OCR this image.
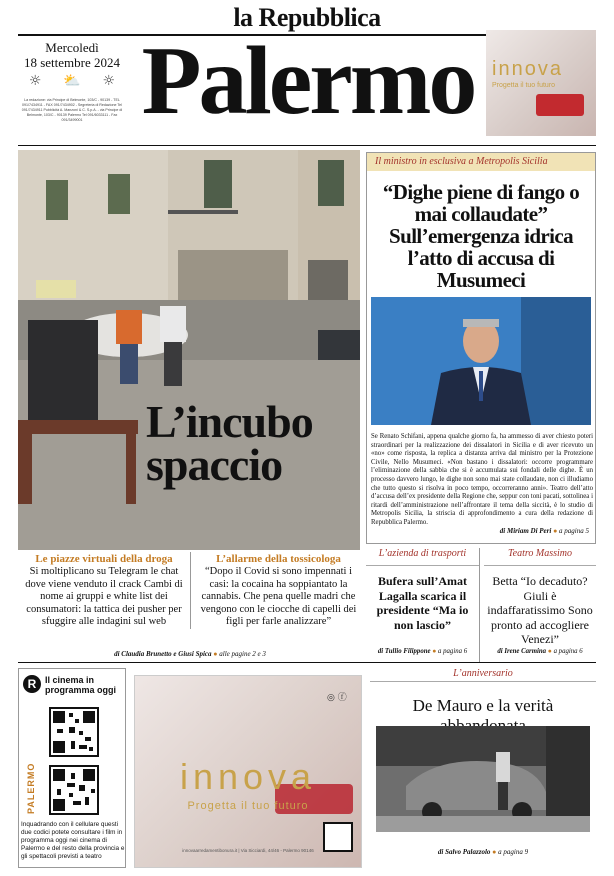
la Repubblica
Mercoledì
18 settembre 2024
☼ ⛅ ☼
La redazione: via Principe di Belmonte, 103/C - 90139 - TEL 091/7434911 - FAX 091/7434902 - Segreteria di Redazione Tel 091/7434911 Pubblicità A. Manzoni & C. S.p.A. - via Principe di Belmonte, 103/C - 90139 Palermo Tel 091/6033111 - Fax 091/3499001 Palermo innova
Progetta il tuo futuro
L’incubo
spaccio
Il ministro in esclusiva a Metropolis Sicilia
“Dighe piene di fango o mai collaudate” Sull’emergenza idrica l’atto di accusa di Musumeci
Se Renato Schifani, appena qualche giorno fa, ha ammesso di aver chiesto poteri straordinari per la realizzazione dei dissalatori in Sicilia e di aver ricevuto un «no» come risposta, la replica a distanza arriva dal ministro per la Protezione Civile, Nello Musumeci. «Non bastano i dissalatori: occorre programmare l’eliminazione della sabbia che si è accumulata sui fondali delle dighe. È un processo davvero lungo, le dighe non sono mai state collaudate, non ci illudiamo che tutto questo si risolva in poco tempo, occorreranno anni». Teatro dell’atto d’accusa dell’ex presidente della Regione che, seppur con toni pacati, sottolinea i ritardi dell’amministrazione nell’affrontare il tema della siccità, è lo studio di Metropolis Sicilia, la striscia di approfondimento a cura della redazione di Repubblica Palermo.
di Miriam Di Peri ● a pagina 5
Le piazze virtuali della droga
Si moltiplicano su Telegram le chat dove viene venduto il crack Cambi di nome ai gruppi e white list dei consumatori: la tattica dei pusher per sfuggire alle indagini sul web
L’allarme della tossicologa
“Dopo il Covid si sono impennati i casi: la cocaina ha soppiantato la cannabis. Che pena quelle madri che vengono con le ciocche di capelli dei figli per farle analizzare”
di Claudia Brunetto e Giusi Spica ● alle pagine 2 e 3
L’azienda di trasporti
Bufera sull’Amat Lagalla scarica il presidente “Ma io non lascio”
di Tullio Filippone ● a pagina 6
Teatro Massimo
Betta “Io decaduto? Giuli è indaffaratissimo Sono pronto ad accogliere Venezi”
di Irene Carmina ● a pagina 6
R Il cinema in programma oggi
PALERMO
Inquadrando con il cellulare questi due codici potete consultare i film in programma oggi nei cinema di Palermo e del resto della provincia e gli spettacoli previsti a teatro
◎ ⓕ
innova
Progetta il tuo futuro
innovaarredamentibonura.it | Via Sicciardi, 44/46 - Palermo 90146
L’anniversario
De Mauro e la verità
di Salvo Palazzolo ● a pagina 9
